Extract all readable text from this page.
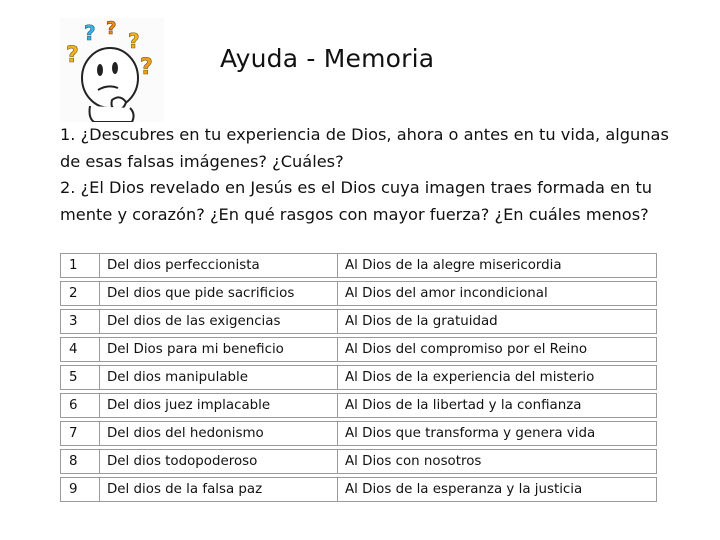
?
? ?
?
?	Ayuda - Memoria

1. ¿Descubres en tu experiencia de Dios, ahora o antes en tu vida, algunas de esas falsas imágenes? ¿Cuáles?

2. ¿El Dios revelado en Jesús es el Dios cuya imagen traes formada en tu mente y corazón? ¿En qué rasgos con mayor fuerza? ¿En cuáles menos?

1	Del dios perfeccionista	Al Dios de la alegre misericordia
2	Del dios que pide sacrificios	Al Dios del amor incondicional
3	Del dios de las exigencias	Al Dios de la gratuidad
4	Del Dios para mi beneficio	Al Dios del compromiso por el Reino
5	Del dios manipulable	Al Dios de la experiencia del misterio
6	Del dios juez implacable	Al Dios de la libertad y la confianza
7	Del dios del hedonismo	Al Dios que transforma y genera vida
8	Del dios todopoderoso	Al Dios con nosotros
9	Del dios de la falsa paz	Al Dios de la esperanza y la justicia
